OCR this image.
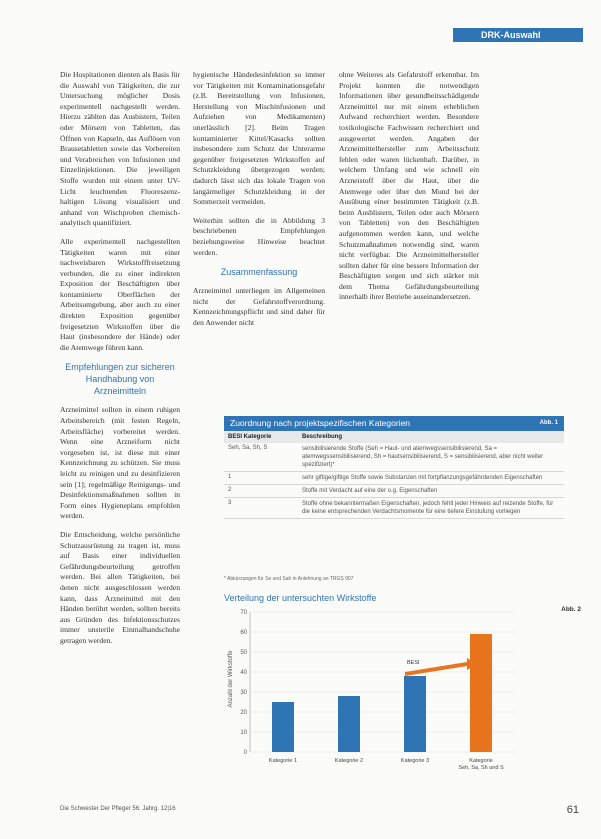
DRK-Auswahl

Die Hospitationen dienten als Basis für die Auswahl von Tätigkeiten, die zur Untersuchung möglicher Dosis experimentell nachgestellt werden. Hierzu zählten das Ausbistern, Teilen oder Mörsern von Tabletten, das Öffnen von Kapseln, das Auflösen von Brausetabletten sowie das Vorbereiten und Verabreichen von Infusionen und Einzelinjektionen. Die jeweiligen Stoffe wurden mit einem unter UV-Licht leuchtenden Fluoreszenz-haltigen Lösung visualisiert und anhand von Wischproben chemisch-analytisch quantifiziert.

Alle experimentell nachgestellten Tätigkeiten waren mit einer nachweisbaren Wirkstofffreisetzung verbunden, die zu einer indirekten Exposition der Beschäftigten über kontaminierte Oberflächen der Arbeitsumgebung, aber auch zu einer direkten Exposition gegenüber freigesetzten Wirkstoffen über die Haut (insbesondere der Hände) oder die Atemwege führen kann.

Empfehlungen zur sicheren Handhabung von Arzneimitteln

Arzneimittel sollten in einem ruhigen Arbeitsbereich (mit festen Regeln, Arbeitsfläche) vorbereitet werden. Wenn eine Arzneiform nicht vorgesehen ist, ist diese mit einer Kennzeichnung zu schützen. Sie muss leicht zu reinigen und zu desinfizieren sein [1]; regelmäßige Reinigungs- und Desinfektionsmaßnahmen sollten in Form eines Hygieneplans empfohlen werden.

Die Entscheidung, welche persönliche Schutzausrüstung zu tragen ist, muss auf Basis einer individuellen Gefährdungsbeurteilung getroffen werden. Bei allen Tätigkeiten, bei denen nicht ausgeschlossen werden kann, dass Arzneimittel mit den Händen berührt werden, sollten bereits aus Gründen des Infektionsschutzes immer unsterile Einmalhandschuhe getragen werden.

hygienische Händedesinfektion so immer vor Tätigkeiten mit Kontaminationsgefahr (z.B. Bereitstellung von Infusionen, Herstellung von Mischinfusionen und Aufziehen von Medikamenten) unerlässlich [2]. Beim Tragen kontaminierter Kittel/Kasacks sollten insbesondere zum Schutz der Unterarme gegenüber freigesetzten Wirkstoffen auf Schutzkleidung übergezogen werden; dadurch lässt sich das lokale Tragen von langärmeliger Schutzkleidung in der Sommerzeit vermeiden.

Weiterhin sollten die in Abbildung 3 beschriebenen Empfehlungen beziehungsweise Hinweise beachtet werden.

Zusammenfassung

Arzneimittel unterliegen im Allgemeinen nicht der Gefahrstoffverordnung. Kennzeichnungspflicht und sind daher für den Anwender nicht

ohne Weiteres als Gefahrstoff erkennbar. Im Projekt konnten die notwendigen Informationen über gesundheitsschädigende Arzneimittel nur mit einem erheblichen Aufwand recherchiert werden. Besondere toxikologische Fachwissen recherchiert und ausgewertet werden. Angaben der Arzneimittelhersteller zum Arbeitsschutz fehlen oder waren lückenhaft. Darüber, in welchem Umfang und wie schnell ein Arzneistoff über die Haut, über die Atemwege oder über den Mund bei der Ausübung einer bestimmten Tätigkeit (z.B. beim Ausblistern, Teilen oder auch Mörsern von Tabletten) von den Beschäftigten aufgenommen werden kann, und welche Schutzmaßnahmen notwendig sind, waren nicht verfügbar. Die Arzneimittelhersteller sollten daher für eine bessere Information der Beschäftigten sorgen und sich stärker mit dem Thema Gefährdungsbeurteilung innerhalb ihrer Betriebe auseinandersetzen.

Zuordnung nach projektspezifischen Kategorien	Abb. 1
BESI Kategorie	Beschreibung
Seh, Sa, Sh, S	sensibilisierende Stoffe (Seh = Haut- und atemwegssensibilisierend, Sa = atemwegssensibilisierend, Sh = hautsensibilisierend, S = sensibilisierend, aber nicht weiter spezifiziert)*
1	sehr giftige/giftige Stoffe sowie Substanzen mit fortpflanzungsgefährdenden Eigenschaften
2	Stoffe mit Verdacht auf eine der o.g. Eigenschaften
3	Stoffe ohne bekanntermaßen Eigenschaften, jedoch fehlt jeder Hinweis auf reizende Stoffe, für die keine entsprechenden Verdachtsmomente für eine tiefere Einstufung vorliegen
* Abkürzungen für Se und Sah in Anlehnung an TRGS 907
Verteilung der untersuchten Wirkstoffe
Abb. 2
0
10
20
30
40
50
60
70
Kategorie 1	Kategorie 2	Kategorie 3	Kategorie
Seh, Sa, Sh und S
Anzahl der Wirkstoffe	BESI
Die Schwester Der Pfleger 56. Jahrg. 12|16	61
